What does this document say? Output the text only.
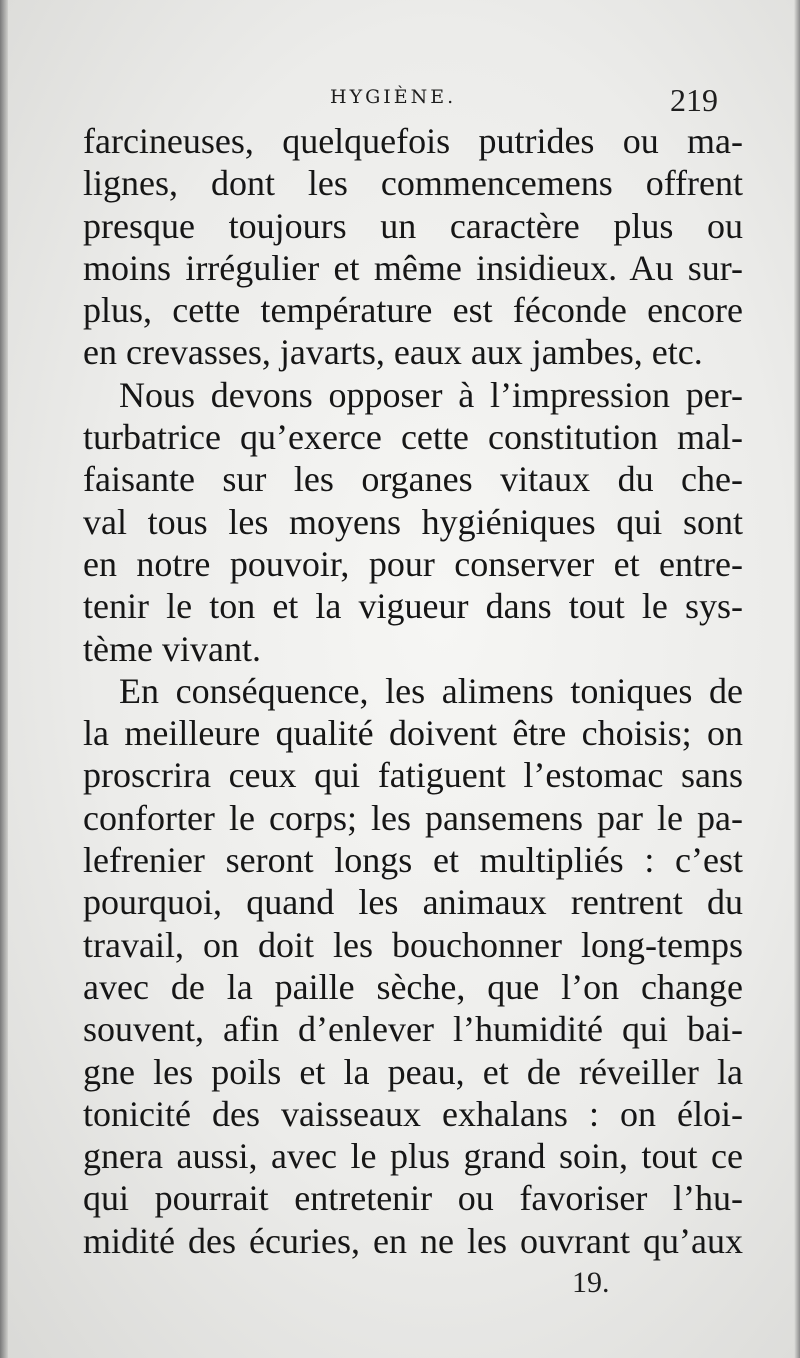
HYGIÈNE.	219
farcineuses, quelquefois putrides ou ma-
lignes, dont les commencemens offrent
presque toujours un caractère plus ou
moins irrégulier et même insidieux. Au sur-
plus, cette température est féconde encore
en crevasses, javarts, eaux aux jambes, etc.
Nous devons opposer à l’impression per-
turbatrice qu’exerce cette constitution mal-
faisante sur les organes vitaux du che-
val tous les moyens hygiéniques qui sont
en notre pouvoir, pour conserver et entre-
tenir le ton et la vigueur dans tout le sys-
tème vivant.
En conséquence, les alimens toniques de
la meilleure qualité doivent être choisis; on
proscrira ceux qui fatiguent l’estomac sans
conforter le corps; les pansemens par le pa-
lefrenier seront longs et multipliés : c’est
pourquoi, quand les animaux rentrent du
travail, on doit les bouchonner long-temps
avec de la paille sèche, que l’on change
souvent, afin d’enlever l’humidité qui bai-
gne les poils et la peau, et de réveiller la
tonicité des vaisseaux exhalans : on éloi-
gnera aussi, avec le plus grand soin, tout ce
qui pourrait entretenir ou favoriser l’hu-
midité des écuries, en ne les ouvrant qu’aux
19.
